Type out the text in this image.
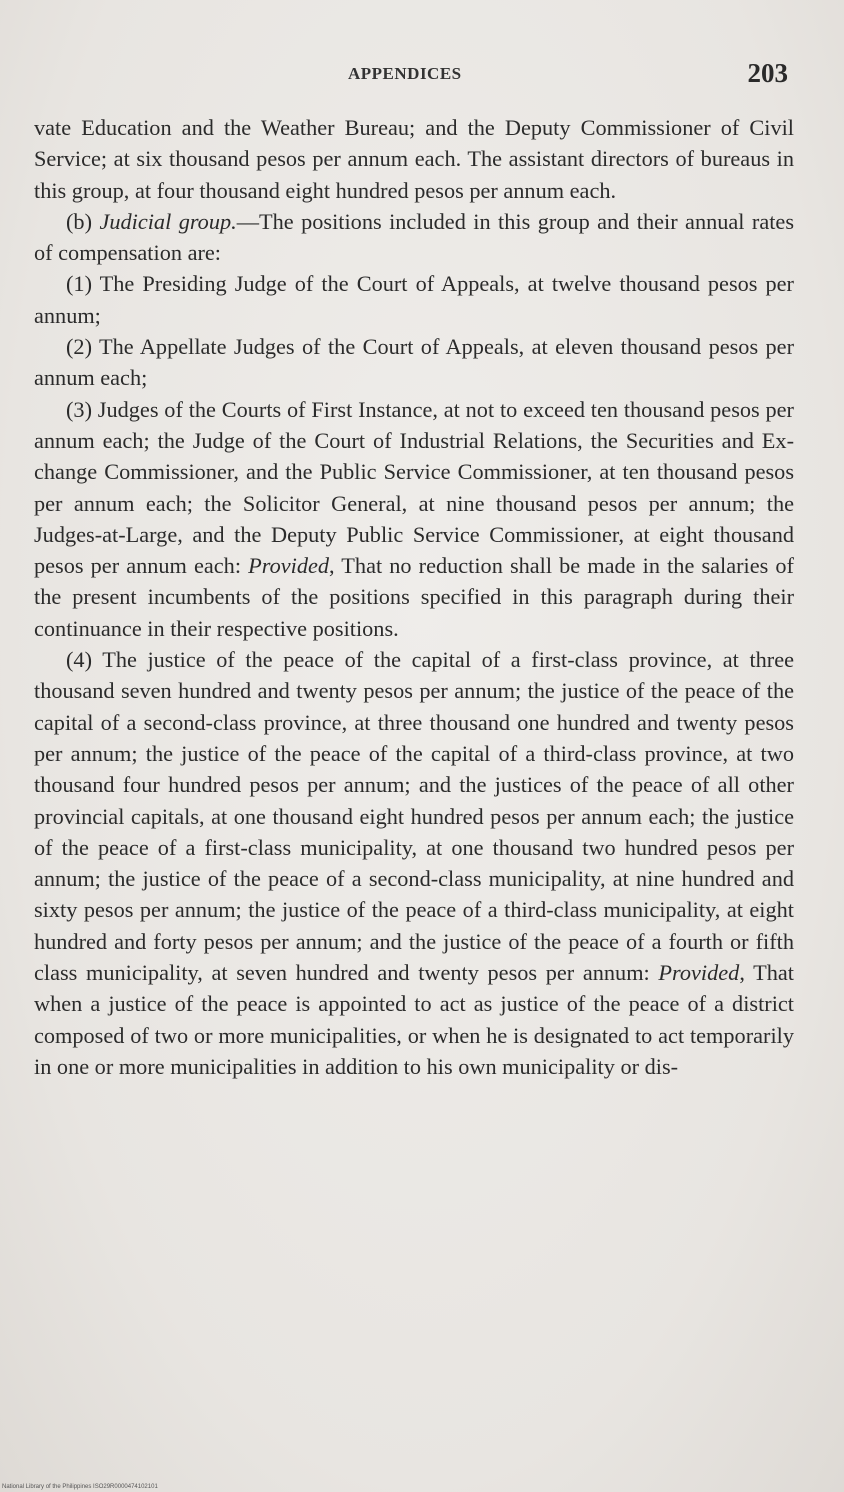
APPENDICES	203

vate Education and the Weather Bureau; and the Deputy Commissioner of Civil Service; at six thousand pesos per annum each. The assistant directors of bureaus in this group, at four thousand eight hundred pesos per annum each.

(b) Judicial group.—The positions included in this group and their annual rates of compensation are:

(1) The Presiding Judge of the Court of Appeals, at twelve thousand pesos per annum;

(2) The Appellate Judges of the Court of Appeals, at eleven thousand pesos per annum each;

(3) Judges of the Courts of First Instance, at not to exceed ten thousand pesos per annum each; the Judge of the Court of Industrial Relations, the Securities and Exchange Commissioner, and the Public Service Commissioner, at ten thousand pesos per annum each; the Solicitor General, at nine thousand pesos per annum; the Judges-at-Large, and the Deputy Public Service Commissioner, at eight thousand pesos per annum each: Provided, That no reduction shall be made in the salaries of the present incumbents of the positions specified in this paragraph during their continuance in their respective positions.

(4) The justice of the peace of the capital of a first-class province, at three thousand seven hundred and twenty pesos per annum; the justice of the peace of the capital of a second-class province, at three thousand one hundred and twenty pesos per annum; the justice of the peace of the capital of a third-class province, at two thousand four hundred pesos per annum; and the justices of the peace of all other provincial capitals, at one thousand eight hundred pesos per annum each; the justice of the peace of a first-class municipality, at one thousand two hundred pesos per annum; the justice of the peace of a second-class municipality, at nine hundred and sixty pesos per annum; the justice of the peace of a third-class municipality, at eight hundred and forty pesos per annum; and the justice of the peace of a fourth or fifth class municipality, at seven hundred and twenty pesos per annum: Provided, That when a justice of the peace is appointed to act as justice of the peace of a district composed of two or more municipalities, or when he is designated to act temporarily in one or more municipalities in addition to his own municipality or dis-

National Library of the Philippines ISO29R0000474102101
